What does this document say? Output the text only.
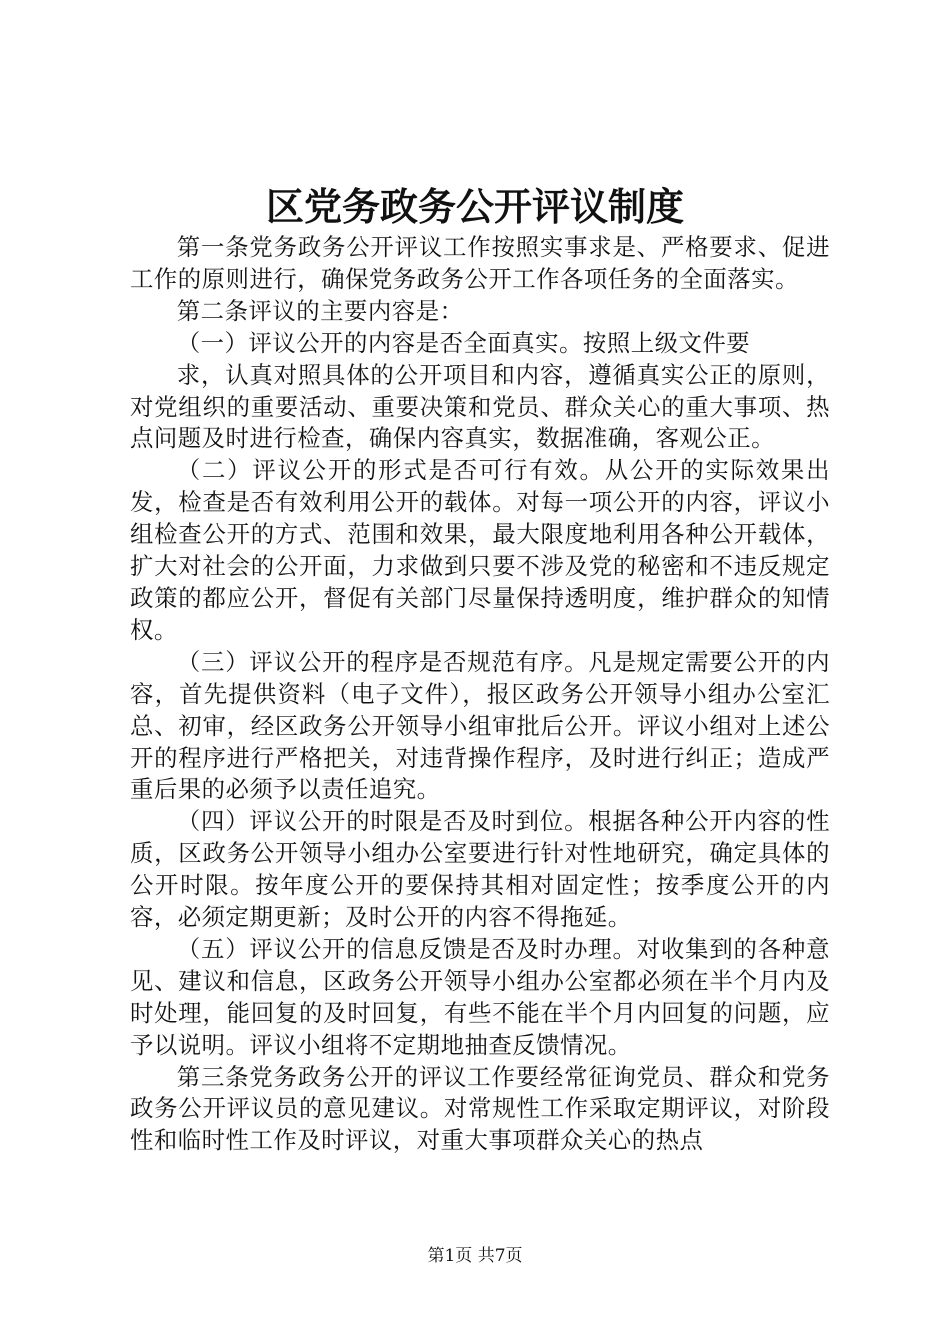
区党务政务公开评议制度

第一条党务政务公开评议工作按照实事求是、严格要求、促进工作的原则进行，确保党务政务公开工作各项任务的全面落实。

第二条评议的主要内容是：

（一）评议公开的内容是否全面真实。按照上级文件要

求，认真对照具体的公开项目和内容，遵循真实公正的原则，对党组织的重要活动、重要决策和党员、群众关心的重大事项、热点问题及时进行检查，确保内容真实，数据准确，客观公正。

（二）评议公开的形式是否可行有效。从公开的实际效果出发，检查是否有效利用公开的载体。对每一项公开的内容，评议小组检查公开的方式、范围和效果，最大限度地利用各种公开载体，扩大对社会的公开面，力求做到只要不涉及党的秘密和不违反规定政策的都应公开，督促有关部门尽量保持透明度，维护群众的知情权。

（三）评议公开的程序是否规范有序。凡是规定需要公开的内容，首先提供资料（电子文件），报区政务公开领导小组办公室汇总、初审，经区政务公开领导小组审批后公开。评议小组对上述公开的程序进行严格把关，对违背操作程序，及时进行纠正；造成严重后果的必须予以责任追究。

（四）评议公开的时限是否及时到位。根据各种公开内容的性质，区政务公开领导小组办公室要进行针对性地研究，确定具体的公开时限。按年度公开的要保持其相对固定性；按季度公开的内容，必须定期更新；及时公开的内容不得拖延。

（五）评议公开的信息反馈是否及时办理。对收集到的各种意见、建议和信息，区政务公开领导小组办公室都必须在半个月内及时处理，能回复的及时回复，有些不能在半个月内回复的问题，应予以说明。评议小组将不定期地抽查反馈情况。

第三条党务政务公开的评议工作要经常征询党员、群众和党务政务公开评议员的意见建议。对常规性工作采取定期评议，对阶段性和临时性工作及时评议，对重大事项群众关心的热点

第1页 共7页
